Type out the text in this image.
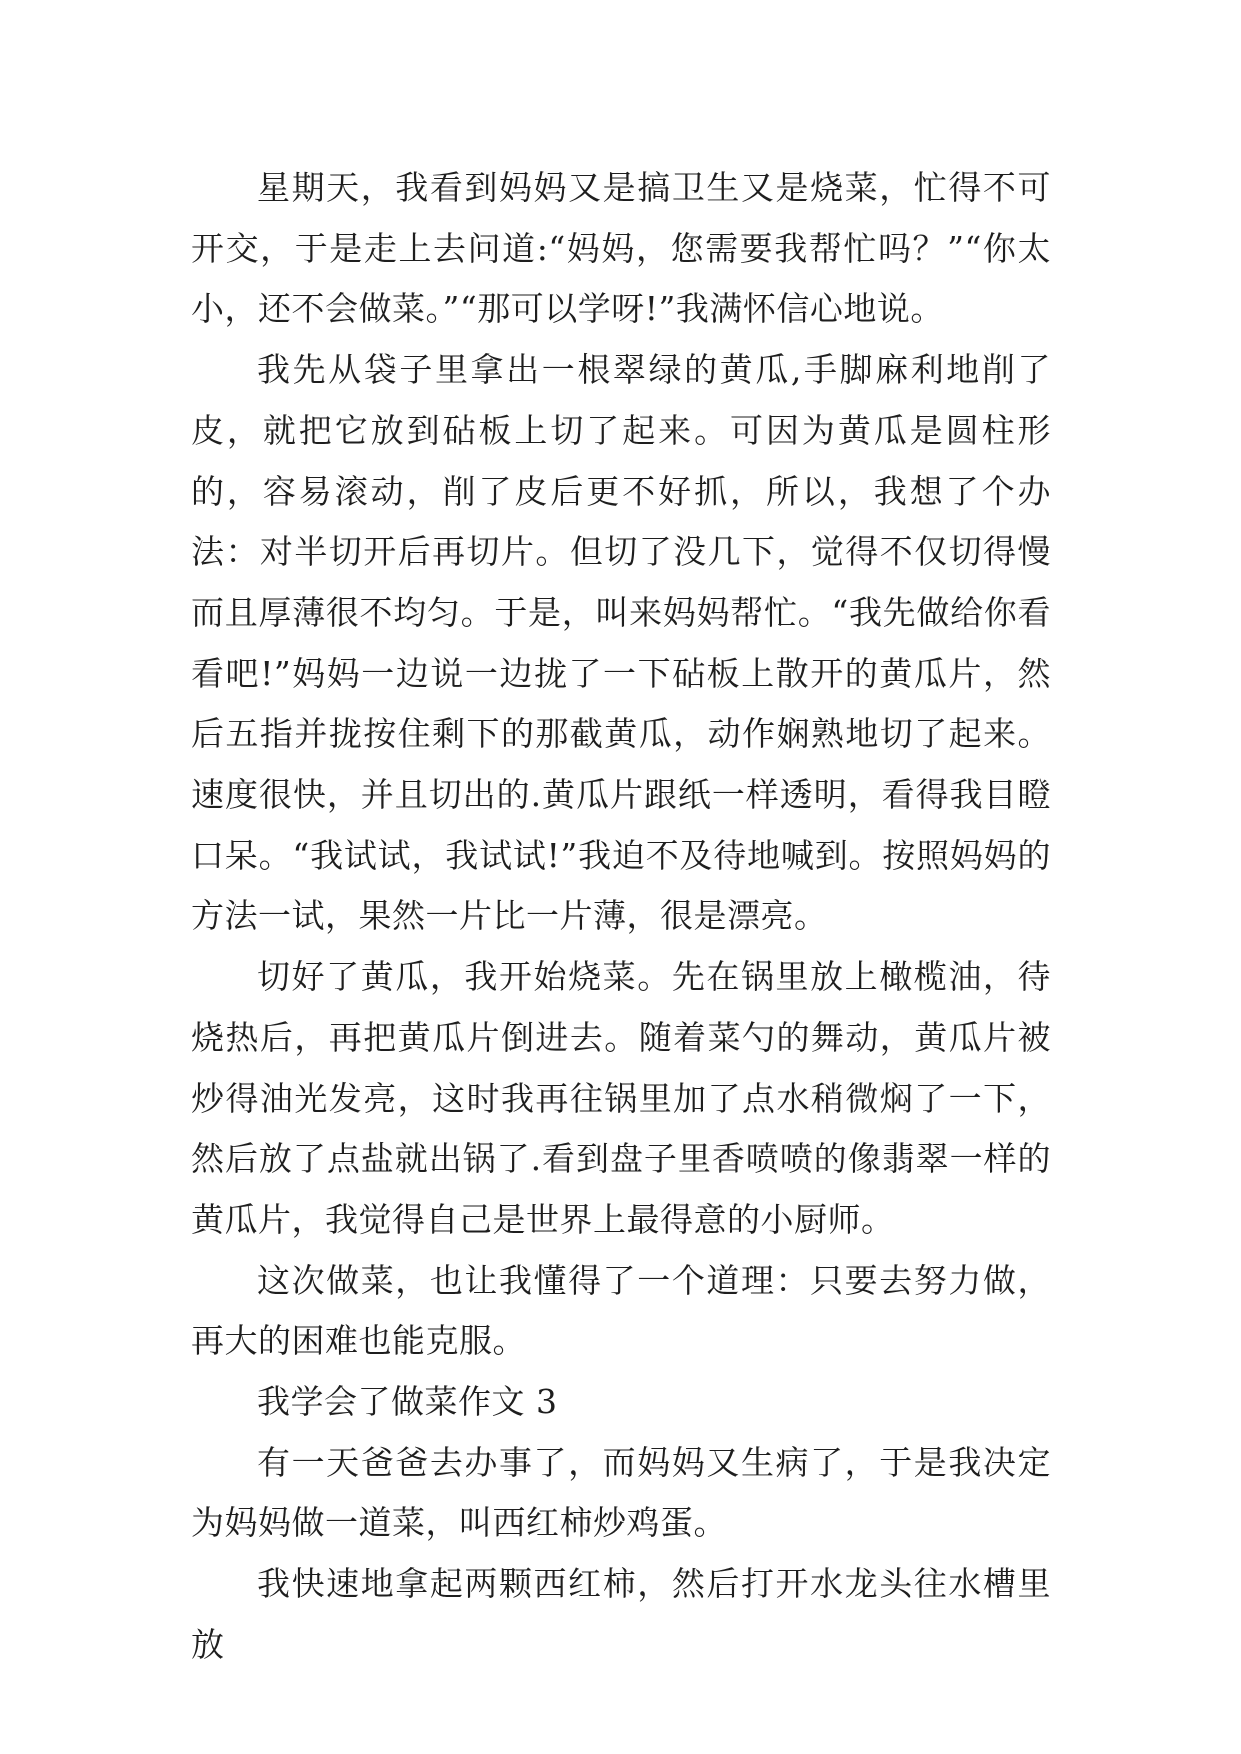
星期天，我看到妈妈又是搞卫生又是烧菜，忙得不可开交，于是走上去问道:“妈妈，您需要我帮忙吗？”“你太小，还不会做菜。”“那可以学呀!”我满怀信心地说。

我先从袋子里拿出一根翠绿的黄瓜,手脚麻利地削了皮，就把它放到砧板上切了起来。可因为黄瓜是圆柱形的，容易滚动，削了皮后更不好抓，所以，我想了个办法：对半切开后再切片。但切了没几下，觉得不仅切得慢而且厚薄很不均匀。于是，叫来妈妈帮忙。“我先做给你看看吧!”妈妈一边说一边拢了一下砧板上散开的黄瓜片，然后五指并拢按住剩下的那截黄瓜，动作娴熟地切了起来。速度很快，并且切出的.黄瓜片跟纸一样透明，看得我目瞪口呆。“我试试，我试试!”我迫不及待地喊到。按照妈妈的方法一试，果然一片比一片薄，很是漂亮。

切好了黄瓜，我开始烧菜。先在锅里放上橄榄油，待烧热后，再把黄瓜片倒进去。随着菜勺的舞动，黄瓜片被炒得油光发亮，这时我再往锅里加了点水稍微焖了一下，然后放了点盐就出锅了.看到盘子里香喷喷的像翡翠一样的黄瓜片，我觉得自己是世界上最得意的小厨师。

这次做菜，也让我懂得了一个道理：只要去努力做，再大的困难也能克服。

我学会了做菜作文 3

有一天爸爸去办事了，而妈妈又生病了，于是我决定为妈妈做一道菜，叫西红柿炒鸡蛋。

我快速地拿起两颗西红柿，然后打开水龙头往水槽里放
